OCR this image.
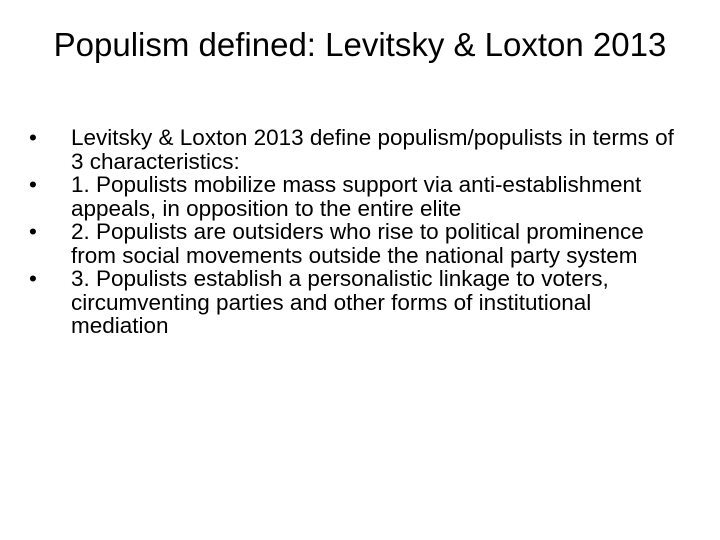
Populism defined: Levitsky & Loxton 2013
• Levitsky & Loxton 2013 define populism/populists in terms of 3 characteristics:
• 1. Populists mobilize mass support via anti-establishment appeals, in opposition to the entire elite
• 2. Populists are outsiders who rise to political prominence from social movements outside the national party system
• 3. Populists establish a personalistic linkage to voters, circumventing parties and other forms of institutional mediation
